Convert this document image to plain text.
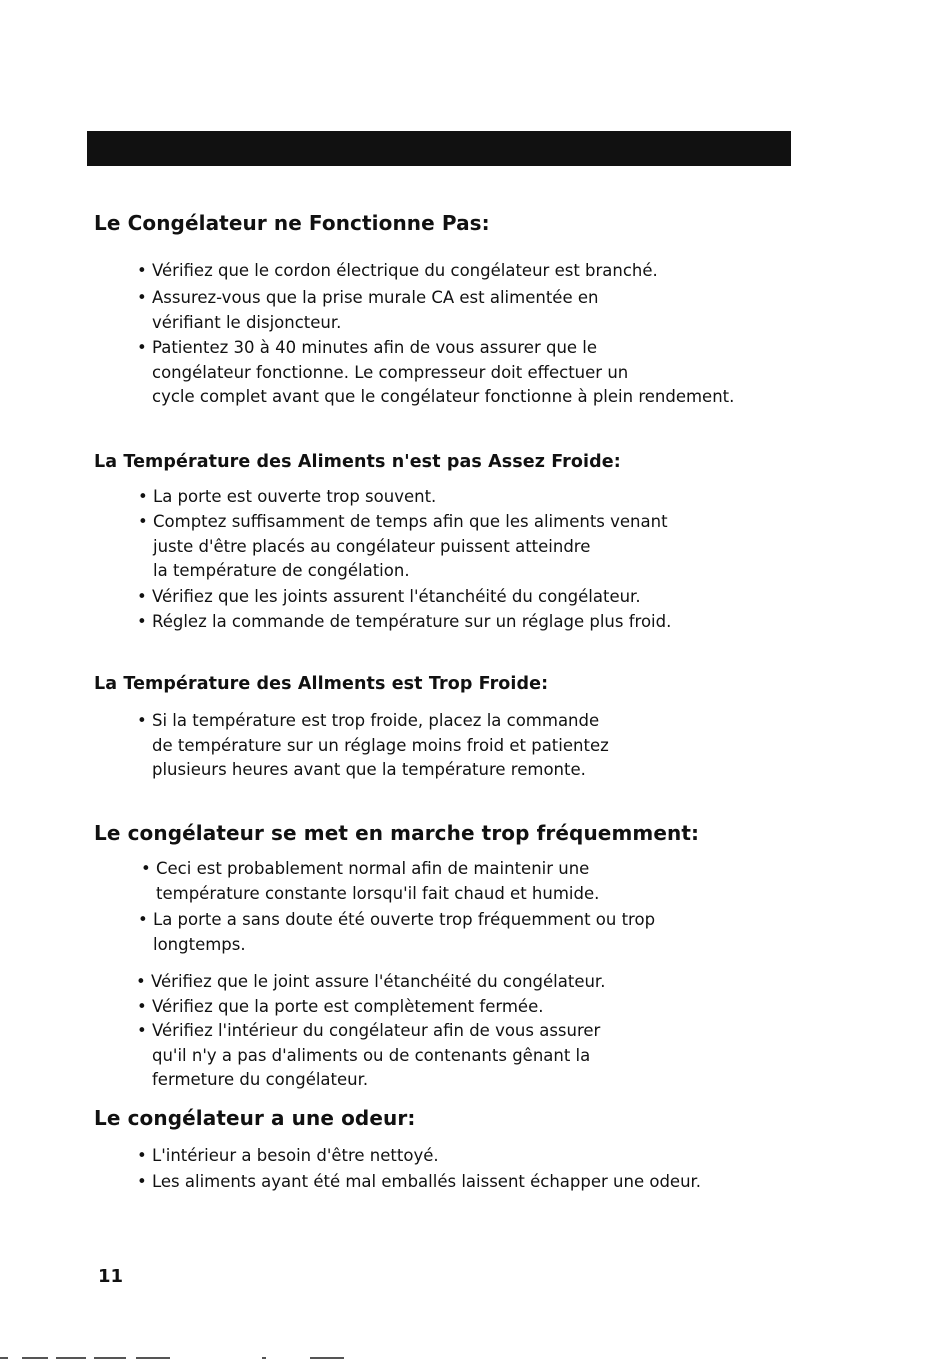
Le Congélateur ne Fonctionne Pas:

• Vérifiez que le cordon électrique du congélateur est branché.

• Assurez-vous que la prise murale CA est alimentée en
vérifiant le disjoncteur.

• Patientez 30 à 40 minutes afin de vous assurer que le
congélateur fonctionne. Le compresseur doit effectuer un
cycle complet avant que le congélateur fonctionne à plein rendement.

La Température des Aliments n'est pas Assez Froide:

• La porte est ouverte trop souvent.

• Comptez suffisamment de temps afin que les aliments venant
juste d'être placés au congélateur puissent atteindre
la température de congélation.

• Vérifiez que les joints assurent l'étanchéité du congélateur.

• Réglez la commande de température sur un réglage plus froid.

La Température des Allments est Trop Froide:

• Si la température est trop froide, placez la commande
de température sur un réglage moins froid et patientez
plusieurs heures avant que la température remonte.

Le congélateur se met en marche trop fréquemment:

• Ceci est probablement normal afin de maintenir une
température constante lorsqu'il fait chaud et humide.

• La porte a sans doute été ouverte trop fréquemment ou trop
longtemps.

• Vérifiez que le joint assure l'étanchéité du congélateur.

• Vérifiez que la porte est complètement fermée.

• Vérifiez l'intérieur du congélateur afin de vous assurer
qu'il n'y a pas d'aliments ou de contenants gênant la
fermeture du congélateur.

Le congélateur a une odeur:

• L'intérieur a besoin d'être nettoyé.

• Les aliments ayant été mal emballés laissent échapper une odeur.

11
